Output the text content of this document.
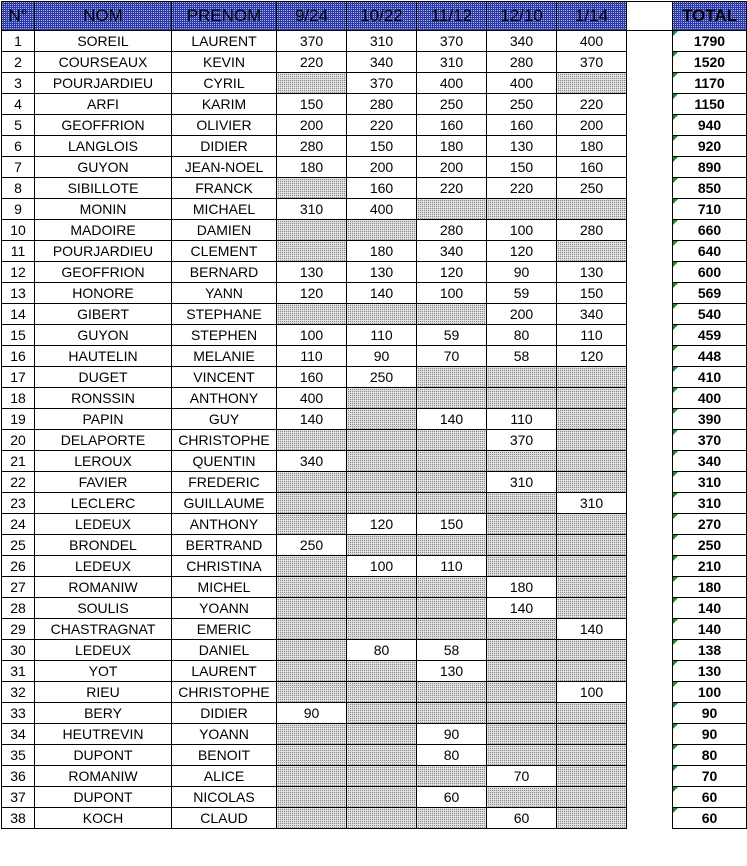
N°	NOM	PRENOM	9/24	10/22	11/12	12/10	1/14		TOTAL
1	SOREIL	LAURENT	370	310	370	340	400		1790
2	COURSEAUX	KEVIN	220	340	310	280	370		1520
3	POURJARDIEU	CYRIL		370	400	400			1170
4	ARFI	KARIM	150	280	250	250	220		1150
5	GEOFFRION	OLIVIER	200	220	160	160	200		940
6	LANGLOIS	DIDIER	280	150	180	130	180		920
7	GUYON	JEAN-NOEL	180	200	200	150	160		890
8	SIBILLOTE	FRANCK		160	220	220	250		850
9	MONIN	MICHAEL	310	400					710
10	MADOIRE	DAMIEN			280	100	280		660
11	POURJARDIEU	CLEMENT		180	340	120			640
12	GEOFFRION	BERNARD	130	130	120	90	130		600
13	HONORE	YANN	120	140	100	59	150		569
14	GIBERT	STEPHANE				200	340		540
15	GUYON	STEPHEN	100	110	59	80	110		459
16	HAUTELIN	MELANIE	110	90	70	58	120		448
17	DUGET	VINCENT	160	250					410
18	RONSSIN	ANTHONY	400						400
19	PAPIN	GUY	140		140	110			390
20	DELAPORTE	CHRISTOPHE				370			370
21	LEROUX	QUENTIN	340						340
22	FAVIER	FREDERIC				310			310
23	LECLERC	GUILLAUME					310		310
24	LEDEUX	ANTHONY		120	150				270
25	BRONDEL	BERTRAND	250						250
26	LEDEUX	CHRISTINA		100	110				210
27	ROMANIW	MICHEL				180			180
28	SOULIS	YOANN				140			140
29	CHASTRAGNAT	EMERIC					140		140
30	LEDEUX	DANIEL		80	58				138
31	YOT	LAURENT			130				130
32	RIEU	CHRISTOPHE					100		100
33	BERY	DIDIER	90						90
34	HEUTREVIN	YOANN			90				90
35	DUPONT	BENOIT			80				80
36	ROMANIW	ALICE				70			70
37	DUPONT	NICOLAS			60				60
38	KOCH	CLAUD				60			60
